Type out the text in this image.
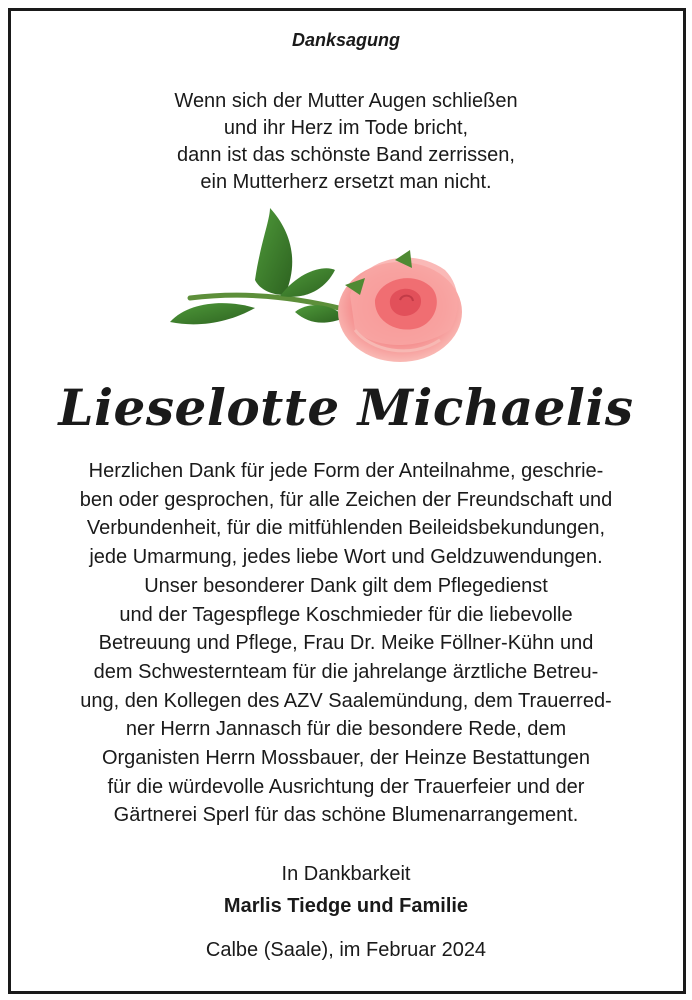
Danksagung
Wenn sich der Mutter Augen schließen
und ihr Herz im Tode bricht,
dann ist das schönste Band zerrissen,
ein Mutterherz ersetzt man nicht.
Lieselotte Michaelis
Herzlichen Dank für jede Form der Anteilnahme, geschrie-
ben oder gesprochen, für alle Zeichen der Freundschaft und
Verbundenheit, für die mitfühlenden Beileidsbekundungen,
jede Umarmung, jedes liebe Wort und Geldzuwendungen.
Unser besonderer Dank gilt dem Pflegedienst
und der Tagespflege Koschmieder für die liebevolle
Betreuung und Pflege, Frau Dr. Meike Föllner-Kühn und
dem Schwesternteam für die jahrelange ärztliche Betreu-
ung, den Kollegen des AZV Saalemündung, dem Trauerred-
ner Herrn Jannasch für die besondere Rede, dem
Organisten Herrn Mossbauer, der Heinze Bestattungen
für die würdevolle Ausrichtung der Trauerfeier und der
Gärtnerei Sperl für das schöne Blumenarrangement.
In Dankbarkeit
Marlis Tiedge und Familie
Calbe (Saale), im Februar 2024
